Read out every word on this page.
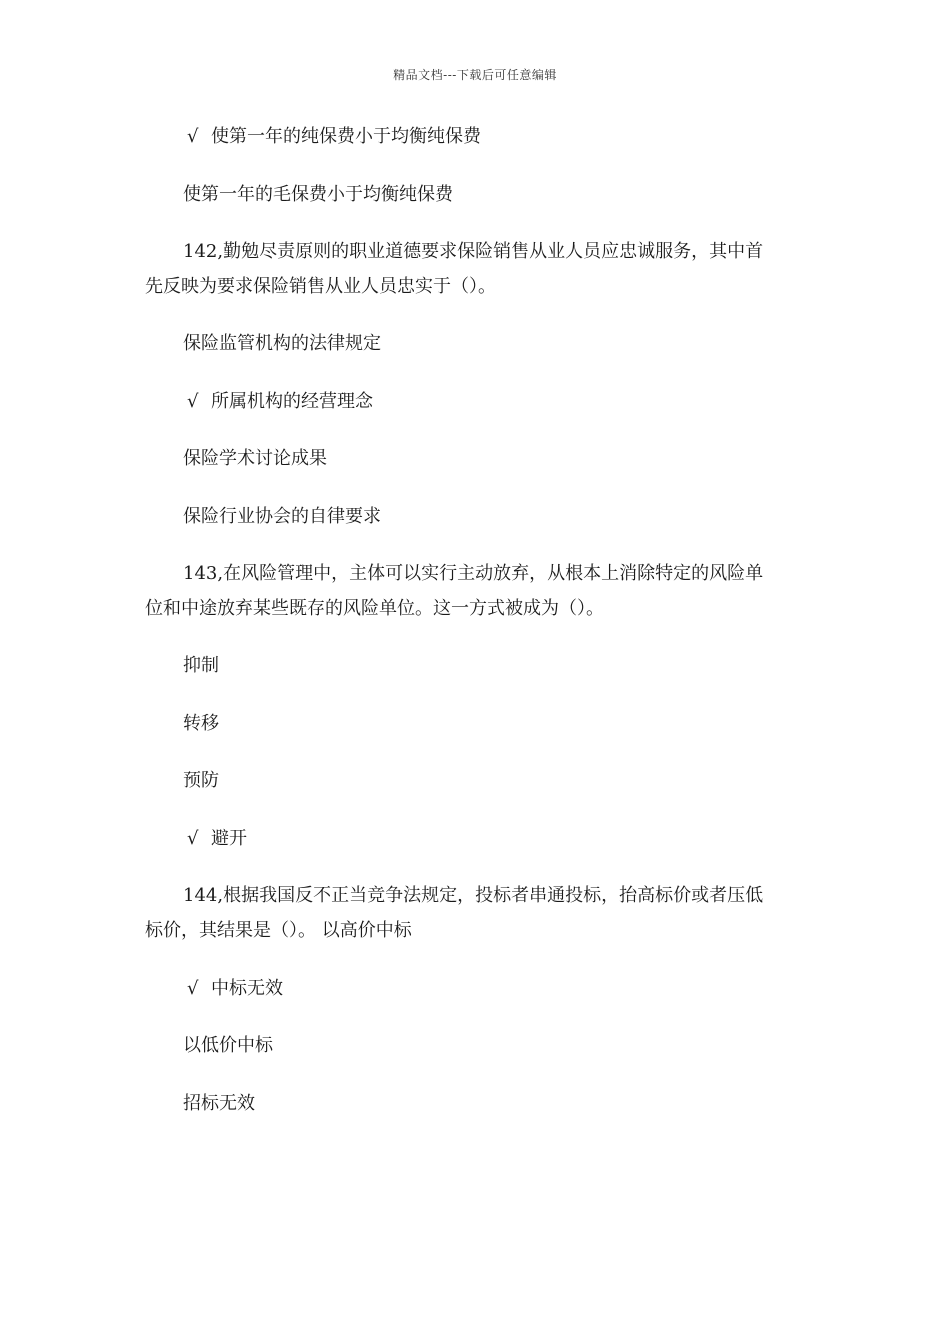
精品文档---下载后可任意编辑
√ 使第一年的纯保费小于均衡纯保费
使第一年的毛保费小于均衡纯保费
142,勤勉尽责原则的职业道德要求保险销售从业人员应忠诚服务，其中首
先反映为要求保险销售从业人员忠实于（）。
保险监管机构的法律规定
√ 所属机构的经营理念
保险学术讨论成果
保险行业协会的自律要求
143,在风险管理中，主体可以实行主动放弃，从根本上消除特定的风险单
位和中途放弃某些既存的风险单位。这一方式被成为（）。
抑制
转移
预防
√ 避开
144,根据我国反不正当竞争法规定，投标者串通投标，抬高标价或者压低
标价，其结果是（）。 以高价中标
√ 中标无效
以低价中标
招标无效
